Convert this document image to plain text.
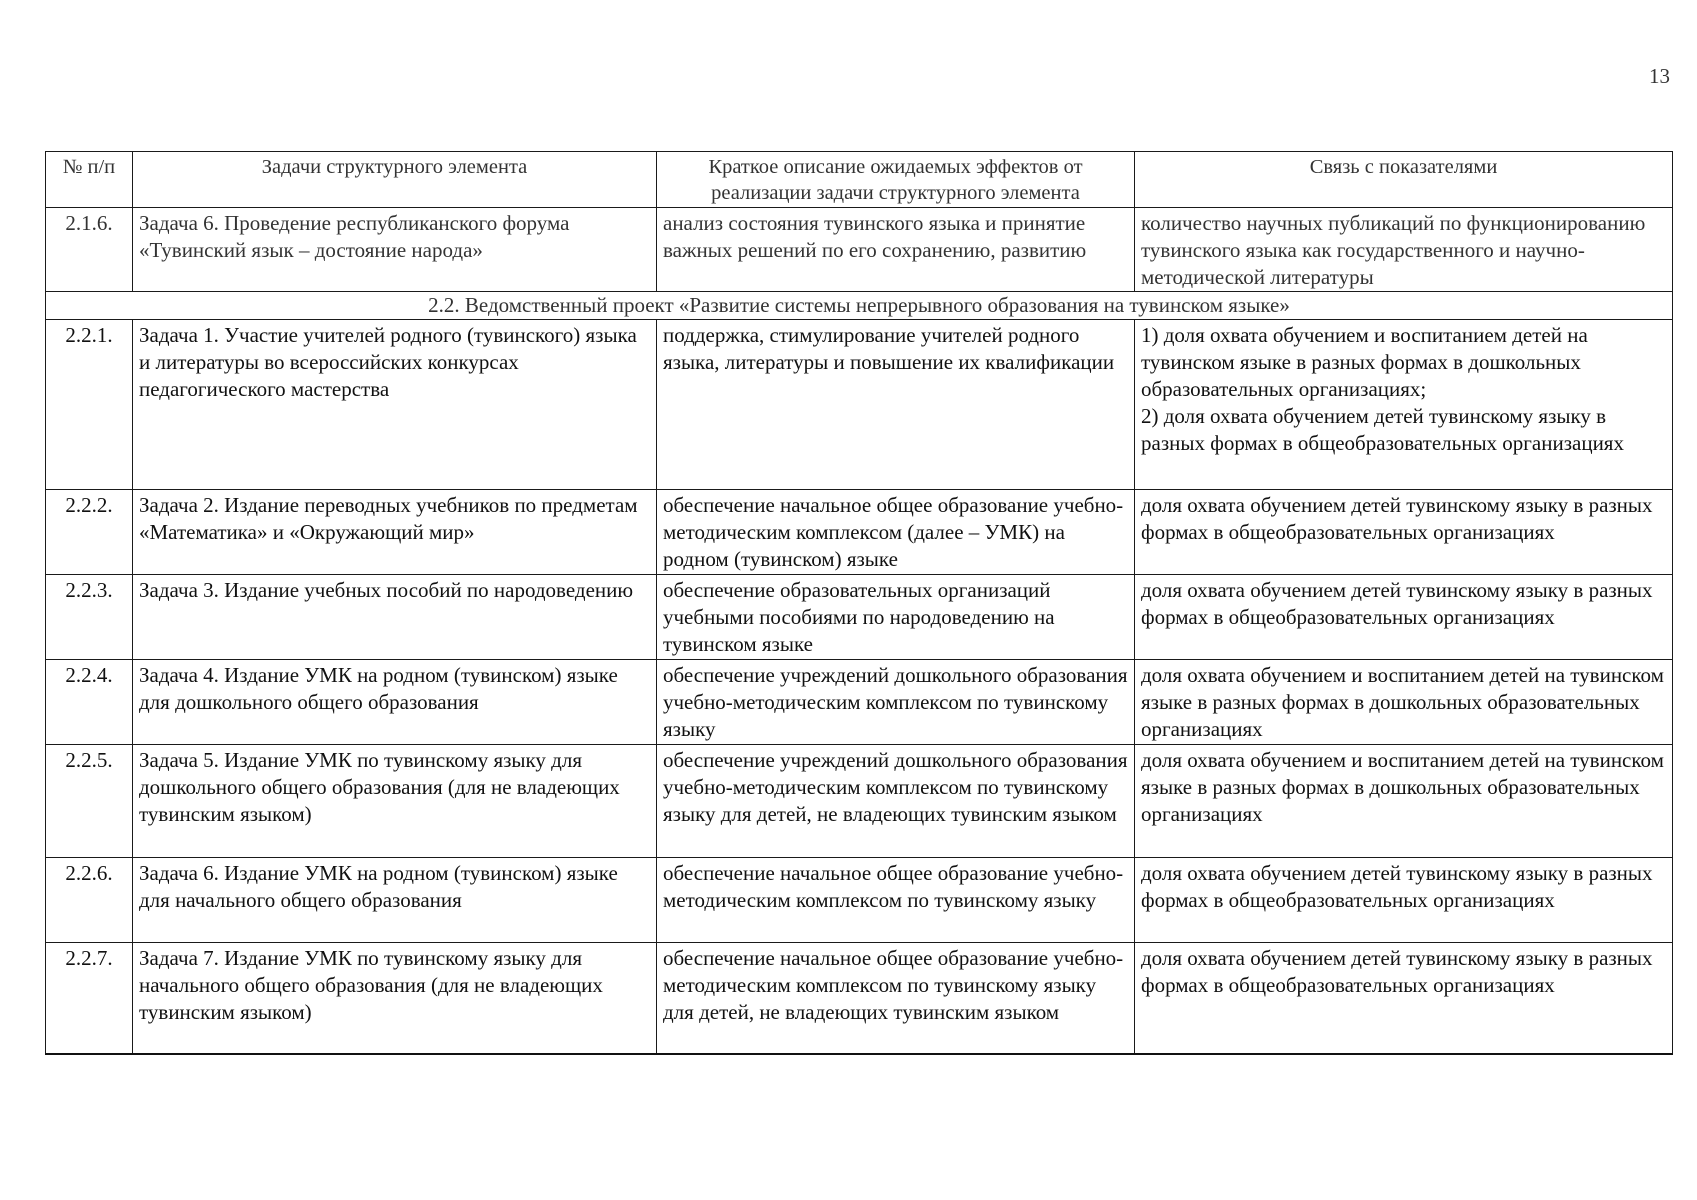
13
№ п/п	Задачи структурного элемента	Краткое описание ожидаемых эффектов от реализации задачи структурного элемента	Связь с показателями
2.1.6.	Задача 6. Проведение республиканского форума «Тувинский язык – достояние народа»	анализ состояния тувинского языка и принятие важных решений по его сохранению, развитию	количество научных публикаций по функционированию тувинского языка как государственного и научно-методической литературы
2.2. Ведомственный проект «Развитие системы непрерывного образования на тувинском языке»			
2.2.1.	Задача 1. Участие учителей родного (тувинского) языка и литературы во всероссийских конкурсах педагогического мастерства	поддержка, стимулирование учителей родного языка, литературы и повышение их квалификации	1) доля охвата обучением и воспитанием детей на тувинском языке в разных формах в дошкольных образовательных организациях;
2) доля охвата обучением детей тувинскому языку в разных формах в общеобразовательных организациях

2.2.2.	Задача 2. Издание переводных учебников по предметам «Математика» и «Окружающий мир»	обеспечение начальное общее образование учебно-методическим комплексом (далее – УМК) на родном (тувинском) языке	доля охвата обучением детей тувинскому языку в разных формах в общеобразовательных организациях
2.2.3.	Задача 3. Издание учебных пособий по народоведению	обеспечение образовательных организаций учебными пособиями по народоведению на тувинском языке	доля охвата обучением детей тувинскому языку в разных формах в общеобразовательных организациях
2.2.4.	Задача 4. Издание УМК на родном (тувинском) языке для дошкольного общего образования	обеспечение учреждений дошкольного образования учебно-методическим комплексом по тувинскому языку	доля охвата обучением и воспитанием детей на тувинском языке в разных формах в дошкольных образовательных организациях
2.2.5.	Задача 5. Издание УМК по тувинскому языку для дошкольного общего образования (для не владеющих тувинским языком)	обеспечение учреждений дошкольного образования учебно-методическим комплексом по тувинскому языку для детей, не владеющих тувинским языком	доля охвата обучением и воспитанием детей на тувинском языке в разных формах в дошкольных образовательных организациях
2.2.6.	Задача 6. Издание УМК на родном (тувинском) языке для начального общего образования	обеспечение начальное общее образование учебно-методическим комплексом по тувинскому языку	доля охвата обучением детей тувинскому языку в разных формах в общеобразовательных организациях
2.2.7.	Задача 7. Издание УМК по тувинскому языку для начального общего образования (для не владеющих тувинским языком)	обеспечение начальное общее образование учебно-методическим комплексом по тувинскому языку для детей, не владеющих тувинским языком	доля охвата обучением детей тувинскому языку в разных формах в общеобразовательных организациях
